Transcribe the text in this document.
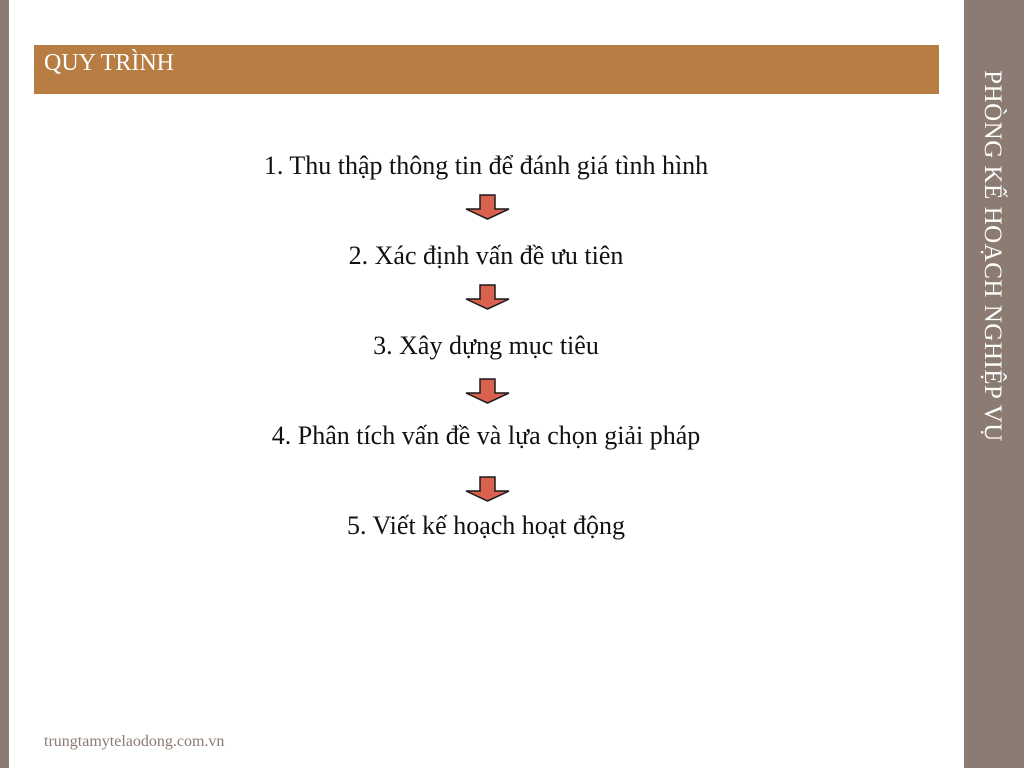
QUY TRÌNH
1. Thu thập thông tin để đánh giá tình hình
2. Xác định vấn đề ưu tiên
3. Xây dựng mục tiêu
4. Phân tích vấn đề và lựa chọn giải pháp
5. Viết kế hoạch hoạt động
trungtamytelaodong.com.vn
PHÒNG KẾ HOẠCH NGHIỆP VỤ
